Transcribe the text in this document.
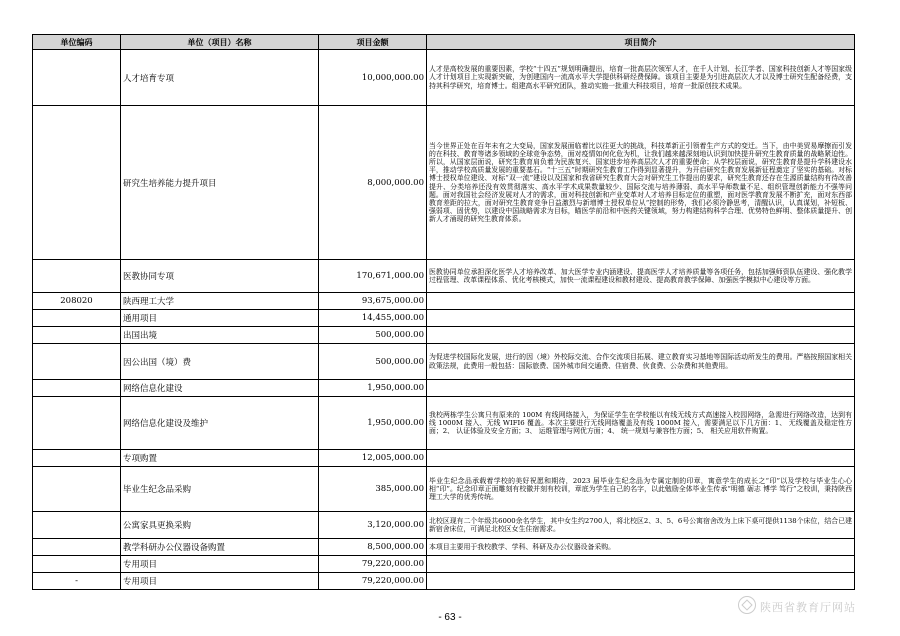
单位编码	单位（项目）名称	项目金额	项目简介
	人才培育专项	10,000,000.00	人才是高校发展的重要因素，学校“十四五”规划明确提出，培育一批高层次领军人才，在千人计划、长江学者、国家科技创新人才等国家级人才计划项目上实现新突破，为创建国内一流高水平大学提供科研经费保障。该项目主要是为引进高层次人才以及博士研究生配备经费，支持其科学研究，培育博士。组建高水平研究团队，推动实施一批重大科技项目，培育一批原创技术成果。
	研究生培养能力提升项目	8,000,000.00	当今世界正处在百年未有之大变局，国家发展面临着比以往更大的挑战，科技革新正引领着生产方式的变迁。当下，由中美贸易摩擦而引发的在科技、教育等诸多领域的全球竞争态势，面对疫情如何化危为机，让我们越来越深刻地认识到加快提升研究生教育质量的战略紧迫性。所以，从国家层面说，研究生教育肩负着为民族复兴、国家进步培养高层次人才的重要使命；从学校层面说，研究生教育是提升学科建设水平，推动学校高质量发展的重要基石。“十三五”时期研究生教育工作得到显著提升，为开启研究生教育发展新征程奠定了坚实的基础。对标博士授权单位建设、对标“双一流”建设以及国家和我省研究生教育大会对研究生工作提出的要求，研究生教育还存在生源质量结构有待改善提升、分类培养还没有效贯彻落实、高水平学术成果数量较少、国际交流与培养薄弱、高水平导师数量不足、组织管理创新能力不强等问题。面对我国社会经济发展对人才的需求，面对科技创新和产业变革对人才培养目标定位的重塑，面对医学教育发展不断扩充，面对东西部教育差距的拉大，面对研究生教育竞争日益激烈与新增博士授权单位从“控制的形势，我们必须冷静思考，清醒认识，认真谋划，补短板、强弱项、固优势，以建设中国战略需求为目标，瞄医学前沿和中医药关键领域，努力构建结构科学合理、优势特色鲜明、整体质量提升、创新人才涌现的研究生教育体系。
	医教协同专项	170,671,000.00	医教协同单位承担深化医学人才培养改革、加大医学专业内涵建设、提高医学人才培养质量等各项任务，包括加强师资队伍建设、强化教学过程管理、改革课程体系、优化考核模式，加快一流课程建设和教材建设、提高教育教学保障、加强医学模拟中心建设等方面。
208020	陕西理工大学	93,675,000.00	
	通用项目	14,455,000.00	
	出国出境	500,000.00	
	因公出国（境）费	500,000.00	为促进学校国际化发展，进行的因（境）外校际交流、合作交流项目拓展、建立教育实习基地等国际活动所发生的费用。严格按照国家相关政策法规，此费用一般包括：国际旅费、国外城市间交通费、住宿费、伙食费、公杂费和其他费用。
	网络信息化建设	1,950,000.00	
	网络信息化建设及维护	1,950,000.00	我校两栋学生公寓只有原来的 100M 有线网络接入，为保证学生在学校能以有线无线方式高速接入校园网络，急需进行网络改造，达到有线 1000M 接入、无线 WIFI6 覆盖。本次主要进行无线网络覆盖及有线 1000M 接入，需要满足以下几方面：1、 无线覆盖及稳定性方面；2、 认证体验及安全方面；3、 运维管理与网优方面；4、 统一规划与兼容性方面；5、 相关应用软件购置。
	专项购置	12,005,000.00	
	毕业生纪念品采购	385,000.00	毕业生纪念品承载着学校的美好祝愿和期待，2023 届毕业生纪念品为专属定制的印章，寓意学生的成长之“印”以及学校与毕业生心心相“印”。纪念印章正面雕刻有校徽并刻有校训，章底为学生自己的名字，以此勉励全体毕业生传承“明德 砺志 博学 笃行”之校训，秉持陕西理工大学的优秀传统。
	公寓家具更换采购	3,120,000.00	北校区现有二个年级共6000余名学生，其中女生约2700人，将北校区2、3、5、6号公寓宿舍改为上床下桌可提供1138个床位，结合已建新宿舍床位，可满足北校区女生住宿需求。
	教学科研办公仪器设备购置	8,500,000.00	本项目主要用于我校教学、学科、科研及办公仪器设备采购。
	专用项目	79,220,000.00	
-	专用项目	79,220,000.00	
- 63 -
陕西省教育厅网站
